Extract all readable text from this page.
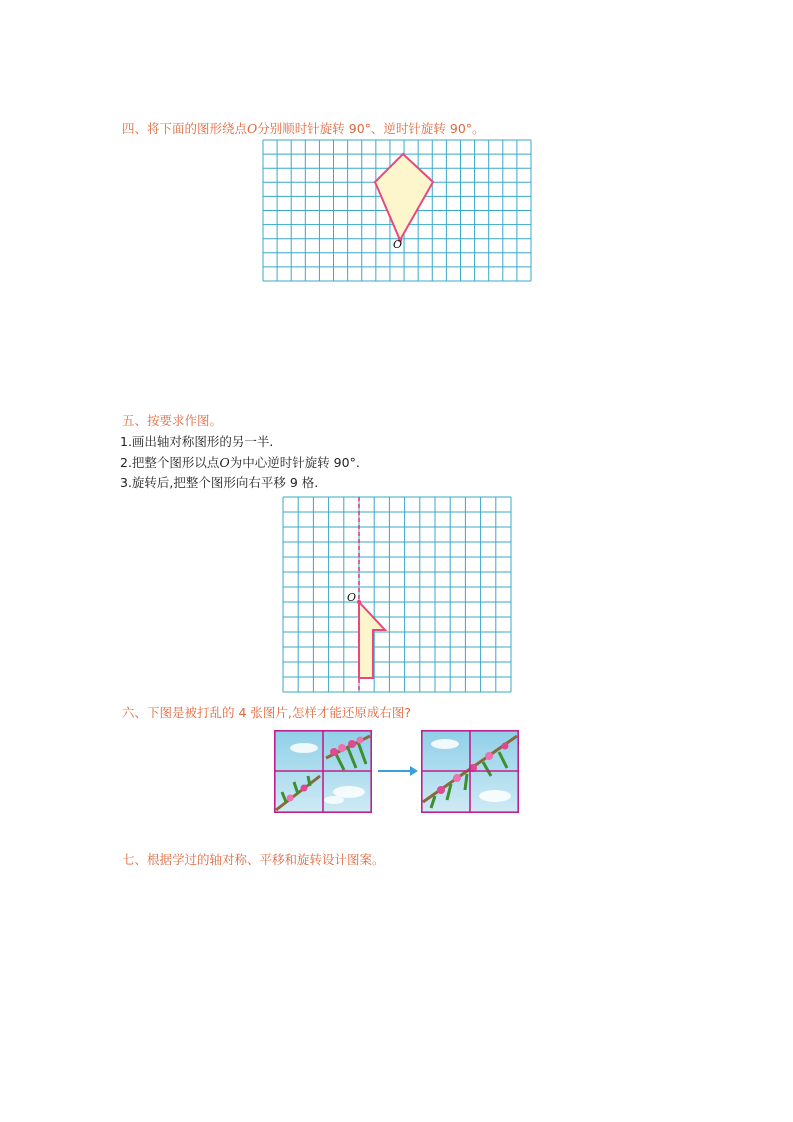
四、将下面的图形绕点O分别顺时针旋转 90°、逆时针旋转 90°。
O
五、按要求作图。
1.画出轴对称图形的另一半.
2.把整个图形以点O为中心逆时针旋转 90°.
3.旋转后,把整个图形向右平移 9 格.
O
六、下图是被打乱的 4 张图片,怎样才能还原成右图?
七、根据学过的轴对称、平移和旋转设计图案。
